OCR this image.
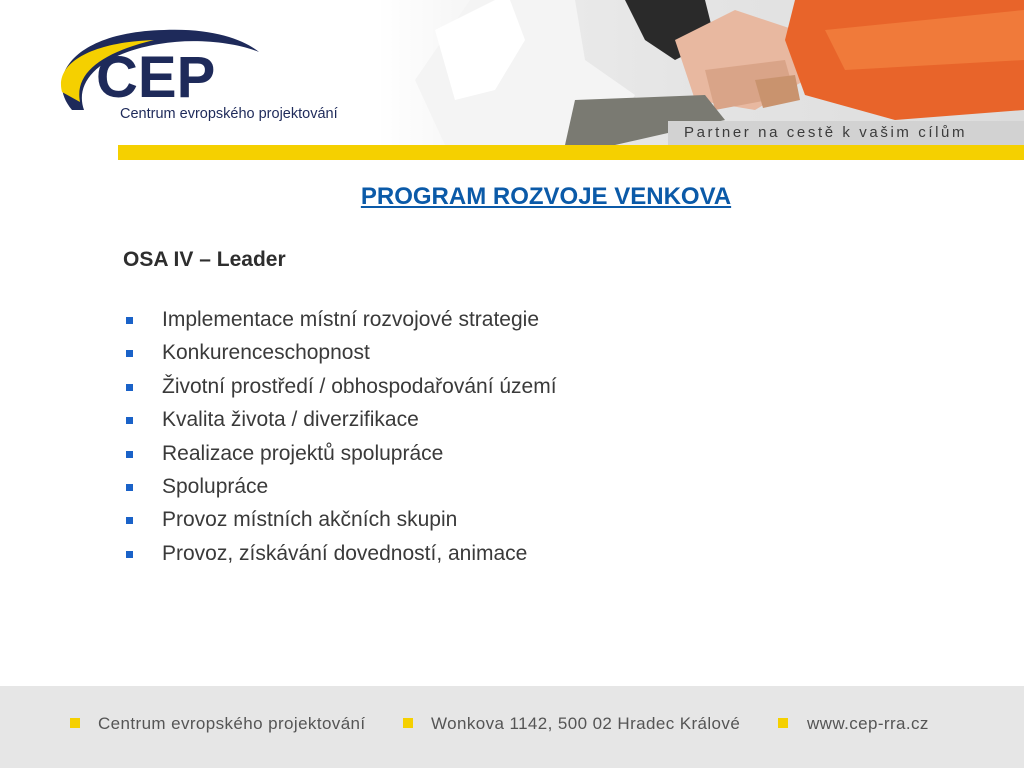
CEP
Centrum evropského projektování
Partner na cestě k vašim cílům
PROGRAM ROZVOJE VENKOVA
OSA IV – Leader
Implementace místní rozvojové strategie
Konkurenceschopnost
Životní prostředí / obhospodařování území
Kvalita života / diverzifikace
Realizace projektů spolupráce
Spolupráce
Provoz místních akčních skupin
Provoz, získávání dovedností, animace
Centrum evropského projektování	Wonkova 1142, 500 02 Hradec Králové	www.cep-rra.cz
